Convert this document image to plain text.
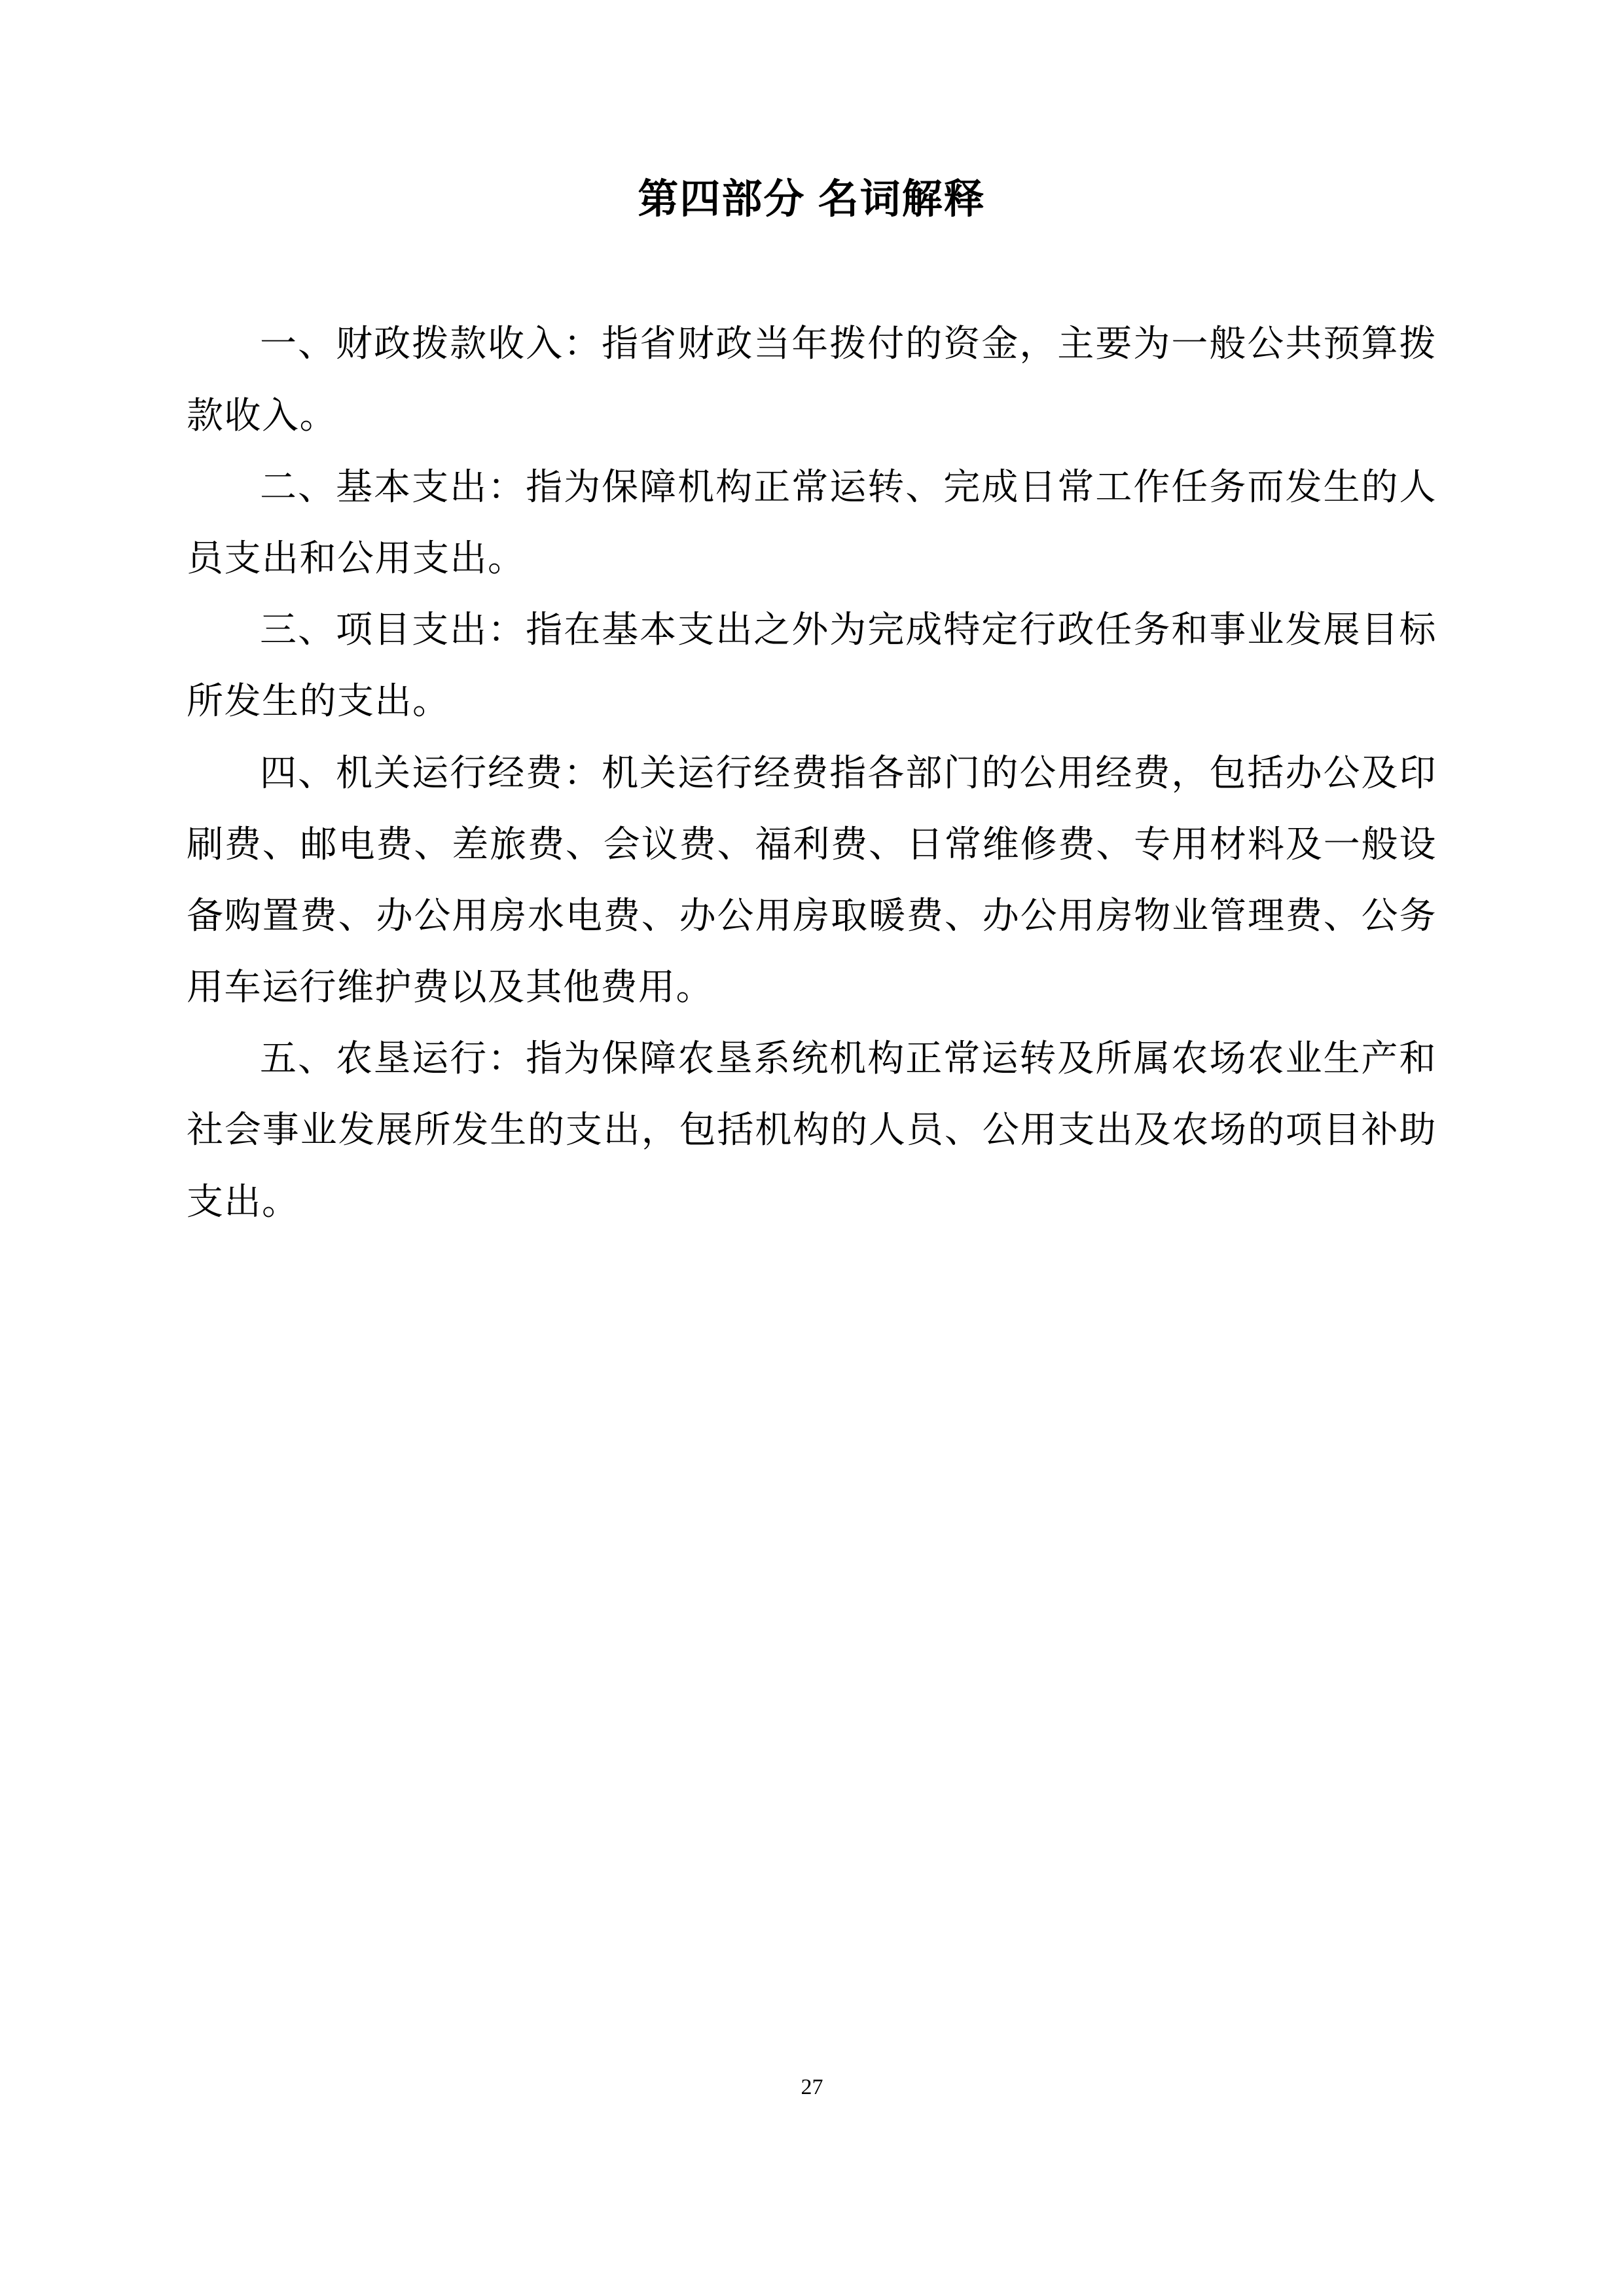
第四部分 名词解释

一、财政拨款收入：指省财政当年拨付的资金，主要为一般公共预算拨款收入。

二、基本支出：指为保障机构正常运转、完成日常工作任务而发生的人员支出和公用支出。

三、项目支出：指在基本支出之外为完成特定行政任务和事业发展目标所发生的支出。

四、机关运行经费：机关运行经费指各部门的公用经费，包括办公及印刷费、邮电费、差旅费、会议费、福利费、日常维修费、专用材料及一般设备购置费、办公用房水电费、办公用房取暖费、办公用房物业管理费、公务用车运行维护费以及其他费用。

五、农垦运行：指为保障农垦系统机构正常运转及所属农场农业生产和社会事业发展所发生的支出，包括机构的人员、公用支出及农场的项目补助支出。

27
